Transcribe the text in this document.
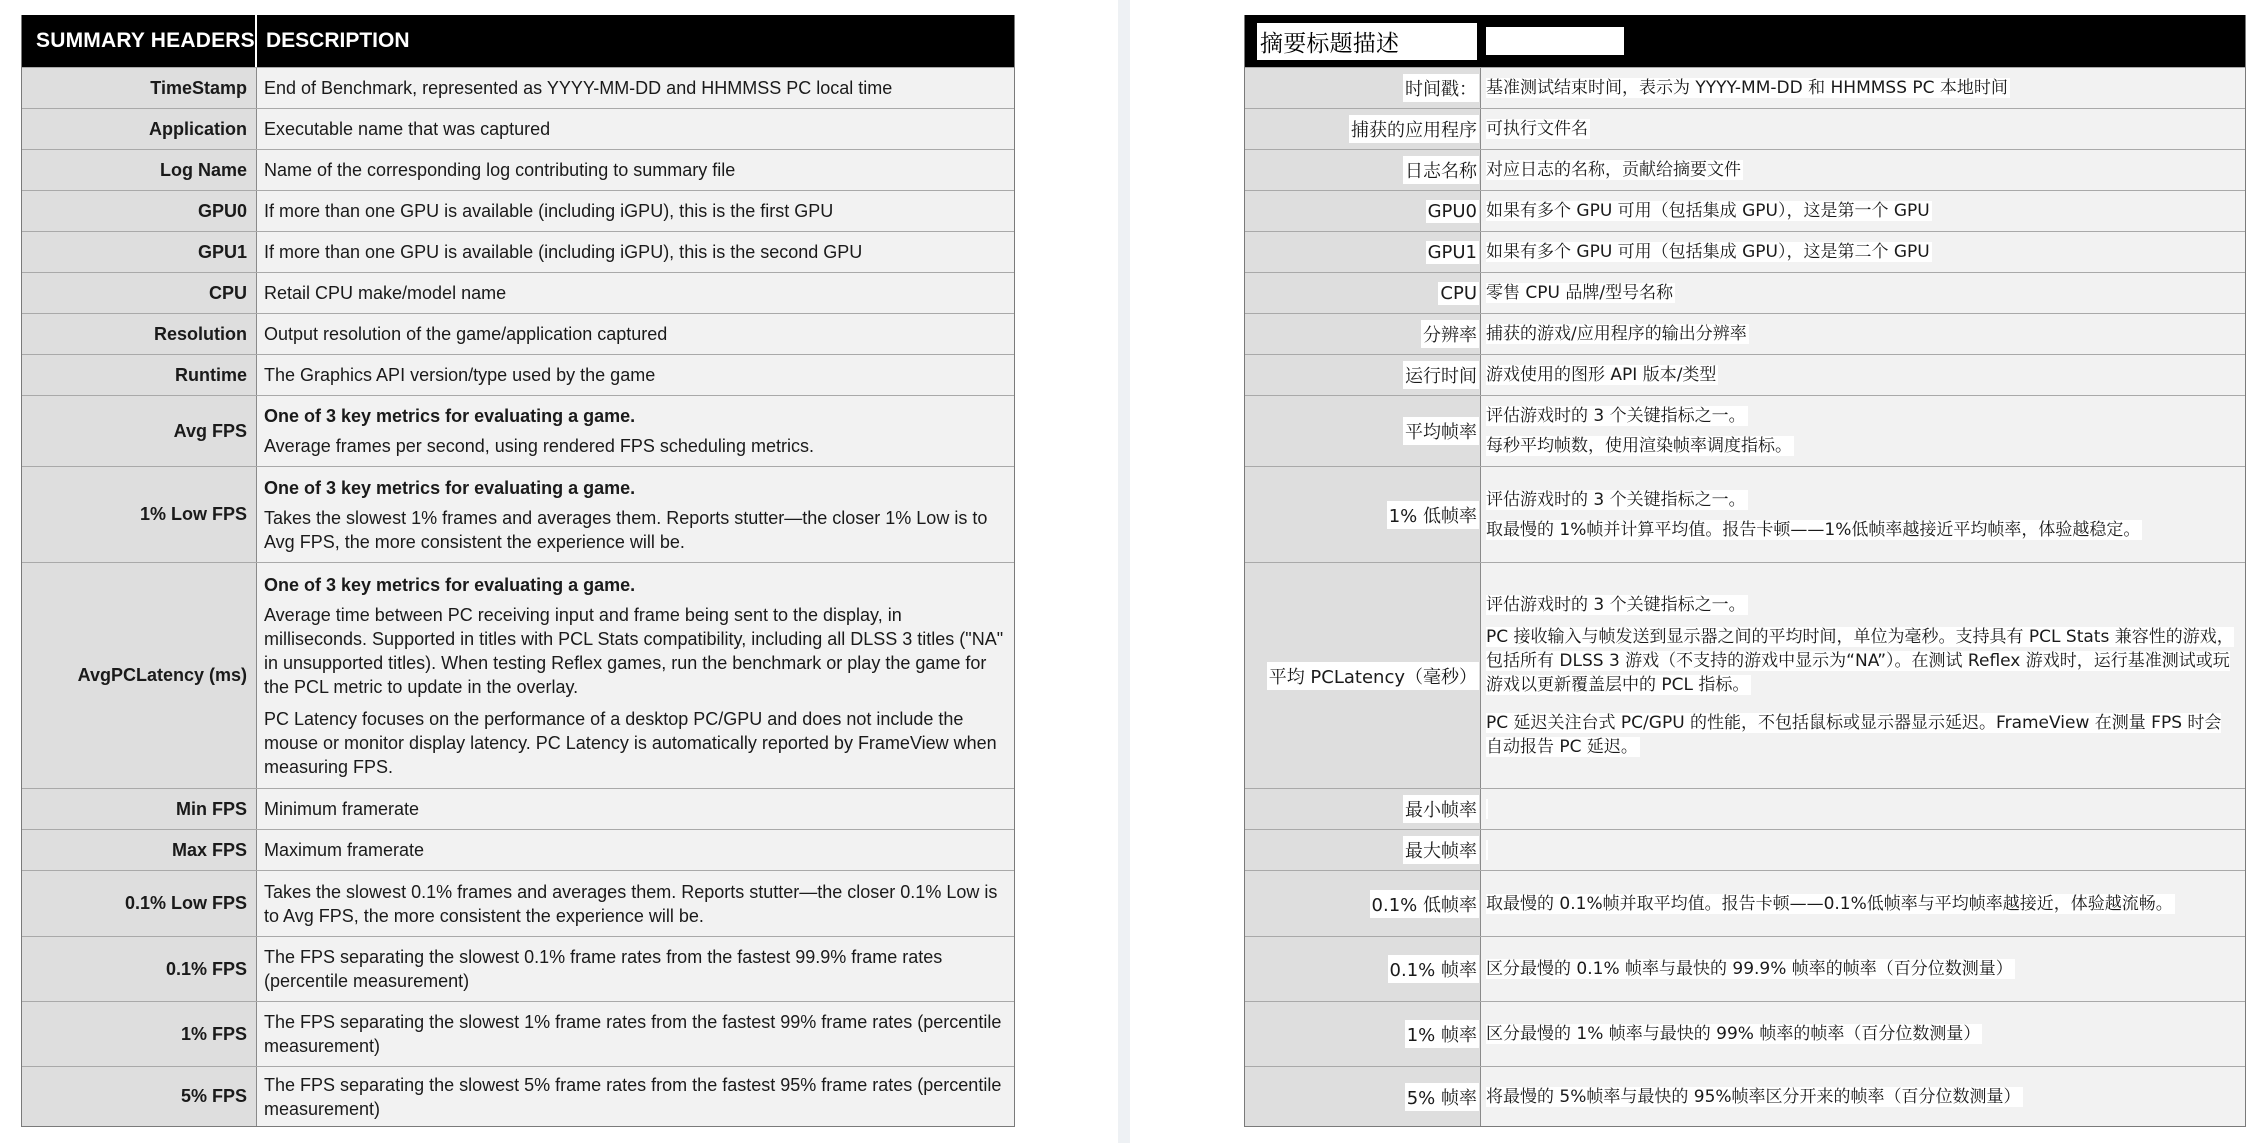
SUMMARY HEADERS DESCRIPTION
TimeStamp End of Benchmark, represented as YYYY-MM-DD and HHMMSS PC local time

Application Executable name that was captured

Log Name Name of the corresponding log contributing to summary file

GPU0 If more than one GPU is available (including iGPU), this is the first GPU

GPU1 If more than one GPU is available (including iGPU), this is the second GPU

CPU Retail CPU make/model name

Resolution Output resolution of the game/application captured

Runtime The Graphics API version/type used by the game

Avg FPS

One of 3 key metrics for evaluating a game.

Average frames per second, using rendered FPS scheduling metrics.

1% Low FPS

One of 3 key metrics for evaluating a game.

Takes the slowest 1% frames and averages them. Reports stutter—the closer 1% Low is to Avg FPS, the more consistent the experience will be.

AvgPCLatency (ms)

One of 3 key metrics for evaluating a game.

Average time between PC receiving input and frame being sent to the display, in milliseconds. Supported in titles with PCL Stats compatibility, including all DLSS 3 titles ("NA" in unsupported titles). When testing Reflex games, run the benchmark or play the game for the PCL metric to update in the overlay.

PC Latency focuses on the performance of a desktop PC/GPU and does not include the mouse or monitor display latency. PC Latency is automatically reported by FrameView when measuring FPS.

Min FPS Minimum framerate

Max FPS Maximum framerate

0.1% Low FPS

Takes the slowest 0.1% frames and averages them. Reports stutter—the closer 0.1% Low is to Avg FPS, the more consistent the experience will be.

0.1% FPS

The FPS separating the slowest 0.1% frame rates from the fastest 99.9% frame rates (percentile measurement)

1% FPS

The FPS separating the slowest 1% frame rates from the fastest 99% frame rates (percentile measurement)

5% FPS

The FPS separating the slowest 5% frame rates from the fastest 95% frame rates (percentile measurement)

摘要标题描述
时间戳： 基准测试结束时间，表示为 YYYY-MM-DD 和 HHMMSS PC 本地时间

捕获的应用程序 可执行文件名

日志名称 对应日志的名称，贡献给摘要文件

GPU0 如果有多个 GPU 可用（包括集成 GPU），这是第一个 GPU

GPU1 如果有多个 GPU 可用（包括集成 GPU），这是第二个 GPU

CPU 零售 CPU 品牌/型号名称

分辨率 捕获的游戏/应用程序的输出分辨率

运行时间 游戏使用的图形 API 版本/类型

平均帧率

评估游戏时的 3 个关键指标之一。

每秒平均帧数，使用渲染帧率调度指标。

1% 低帧率

评估游戏时的 3 个关键指标之一。

取最慢的 1%帧并计算平均值。报告卡顿——1%低帧率越接近平均帧率，体验越稳定。

平均 PCLatency（毫秒）

评估游戏时的 3 个关键指标之一。

PC 接收输入与帧发送到显示器之间的平均时间，单位为毫秒。支持具有 PCL Stats 兼容性的游戏，包括所有 DLSS 3 游戏（不支持的游戏中显示为“NA”）。在测试 Reflex 游戏时，运行基准测试或玩游戏以更新覆盖层中的 PCL 指标。

PC 延迟关注台式 PC/GPU 的性能，不包括鼠标或显示器显示延迟。FrameView 在测量 FPS 时会自动报告 PC 延迟。

最小帧率

最大帧率

0.1% 低帧率 取最慢的 0.1%帧并取平均值。报告卡顿——0.1%低帧率与平均帧率越接近，体验越流畅。

0.1% 帧率 区分最慢的 0.1% 帧率与最快的 99.9% 帧率的帧率（百分位数测量）

1% 帧率 区分最慢的 1% 帧率与最快的 99% 帧率的帧率（百分位数测量）

5% 帧率 将最慢的 5%帧率与最快的 95%帧率区分开来的帧率（百分位数测量）
